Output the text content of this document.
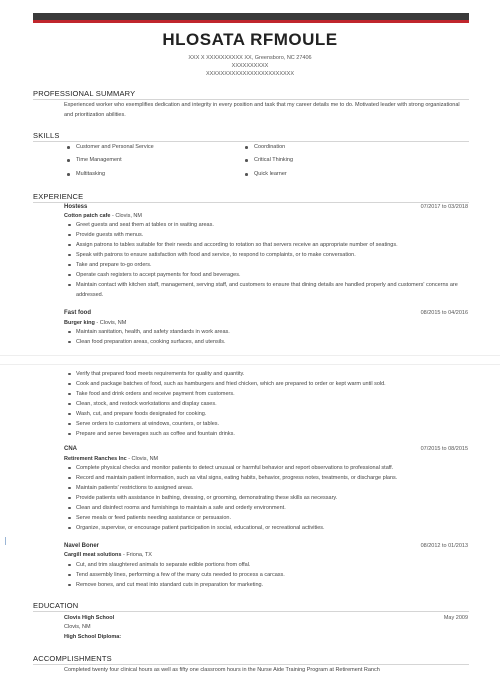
HLOSATA RFMOULE
XXX X XXXXXXXXXX XX, Greensboro, NC 27406
XXXXXXXXXX
XXXXXXXXXXXXXXXXXXXXXXXX
PROFESSIONAL SUMMARY
Experienced worker who exemplifies dedication and integrity in every position and task that my career details me to do. Motivated leader with strong organizational and prioritization abilities.
SKILLS
Customer and Personal Service	Coordination
Time Management	Critical Thinking
Multitasking	Quick learner
EXPERIENCE
Hostess	07/2017 to 03/2018
Cotton patch cafe - Clovis, NM
Greet guests and seat them at tables or in waiting areas.
Provide guests with menus.
Assign patrons to tables suitable for their needs and according to rotation so that servers receive an appropriate number of seatings.
Speak with patrons to ensure satisfaction with food and service, to respond to complaints, or to make conversation.
Take and prepare to-go orders.
Operate cash registers to accept payments for food and beverages.
Maintain contact with kitchen staff, management, serving staff, and customers to ensure that dining details are handled properly and customers' concerns are addressed.
Fast food	08/2015 to 04/2016
Burger king - Clovis, NM
Maintain sanitation, health, and safety standards in work areas.
Clean food preparation areas, cooking surfaces, and utensils.
Verify that prepared food meets requirements for quality and quantity.
Cook and package batches of food, such as hamburgers and fried chicken, which are prepared to order or kept warm until sold.
Take food and drink orders and receive payment from customers.
Clean, stock, and restock workstations and display cases.
Wash, cut, and prepare foods designated for cooking.
Serve orders to customers at windows, counters, or tables.
Prepare and serve beverages such as coffee and fountain drinks.
CNA	07/2015 to 08/2015
Retirement Ranches Inc - Clovis, NM
Complete physical checks and monitor patients to detect unusual or harmful behavior and report observations to professional staff.
Record and maintain patient information, such as vital signs, eating habits, behavior, progress notes, treatments, or discharge plans.
Maintain patients' restrictions to assigned areas.
Provide patients with assistance in bathing, dressing, or grooming, demonstrating these skills as necessary.
Clean and disinfect rooms and furnishings to maintain a safe and orderly environment.
Serve meals or feed patients needing assistance or persuasion.
Organize, supervise, or encourage patient participation in social, educational, or recreational activities.
Navel Boner	08/2012 to 01/2013
Cargill meat solutions - Friona, TX
Cut, and trim slaughtered animals to separate edible portions from offal.
Tend assembly lines, performing a few of the many cuts needed to process a carcass.
Remove bones, and cut meat into standard cuts in preparation for marketing.
EDUCATION
Clovis High School	May 2009
Clovis, NM
High School Diploma:
ACCOMPLISHMENTS
Completed twenty four clinical hours as well as fifty one classroom hours in the Nurse Aide Training Program at Retirement Ranch
